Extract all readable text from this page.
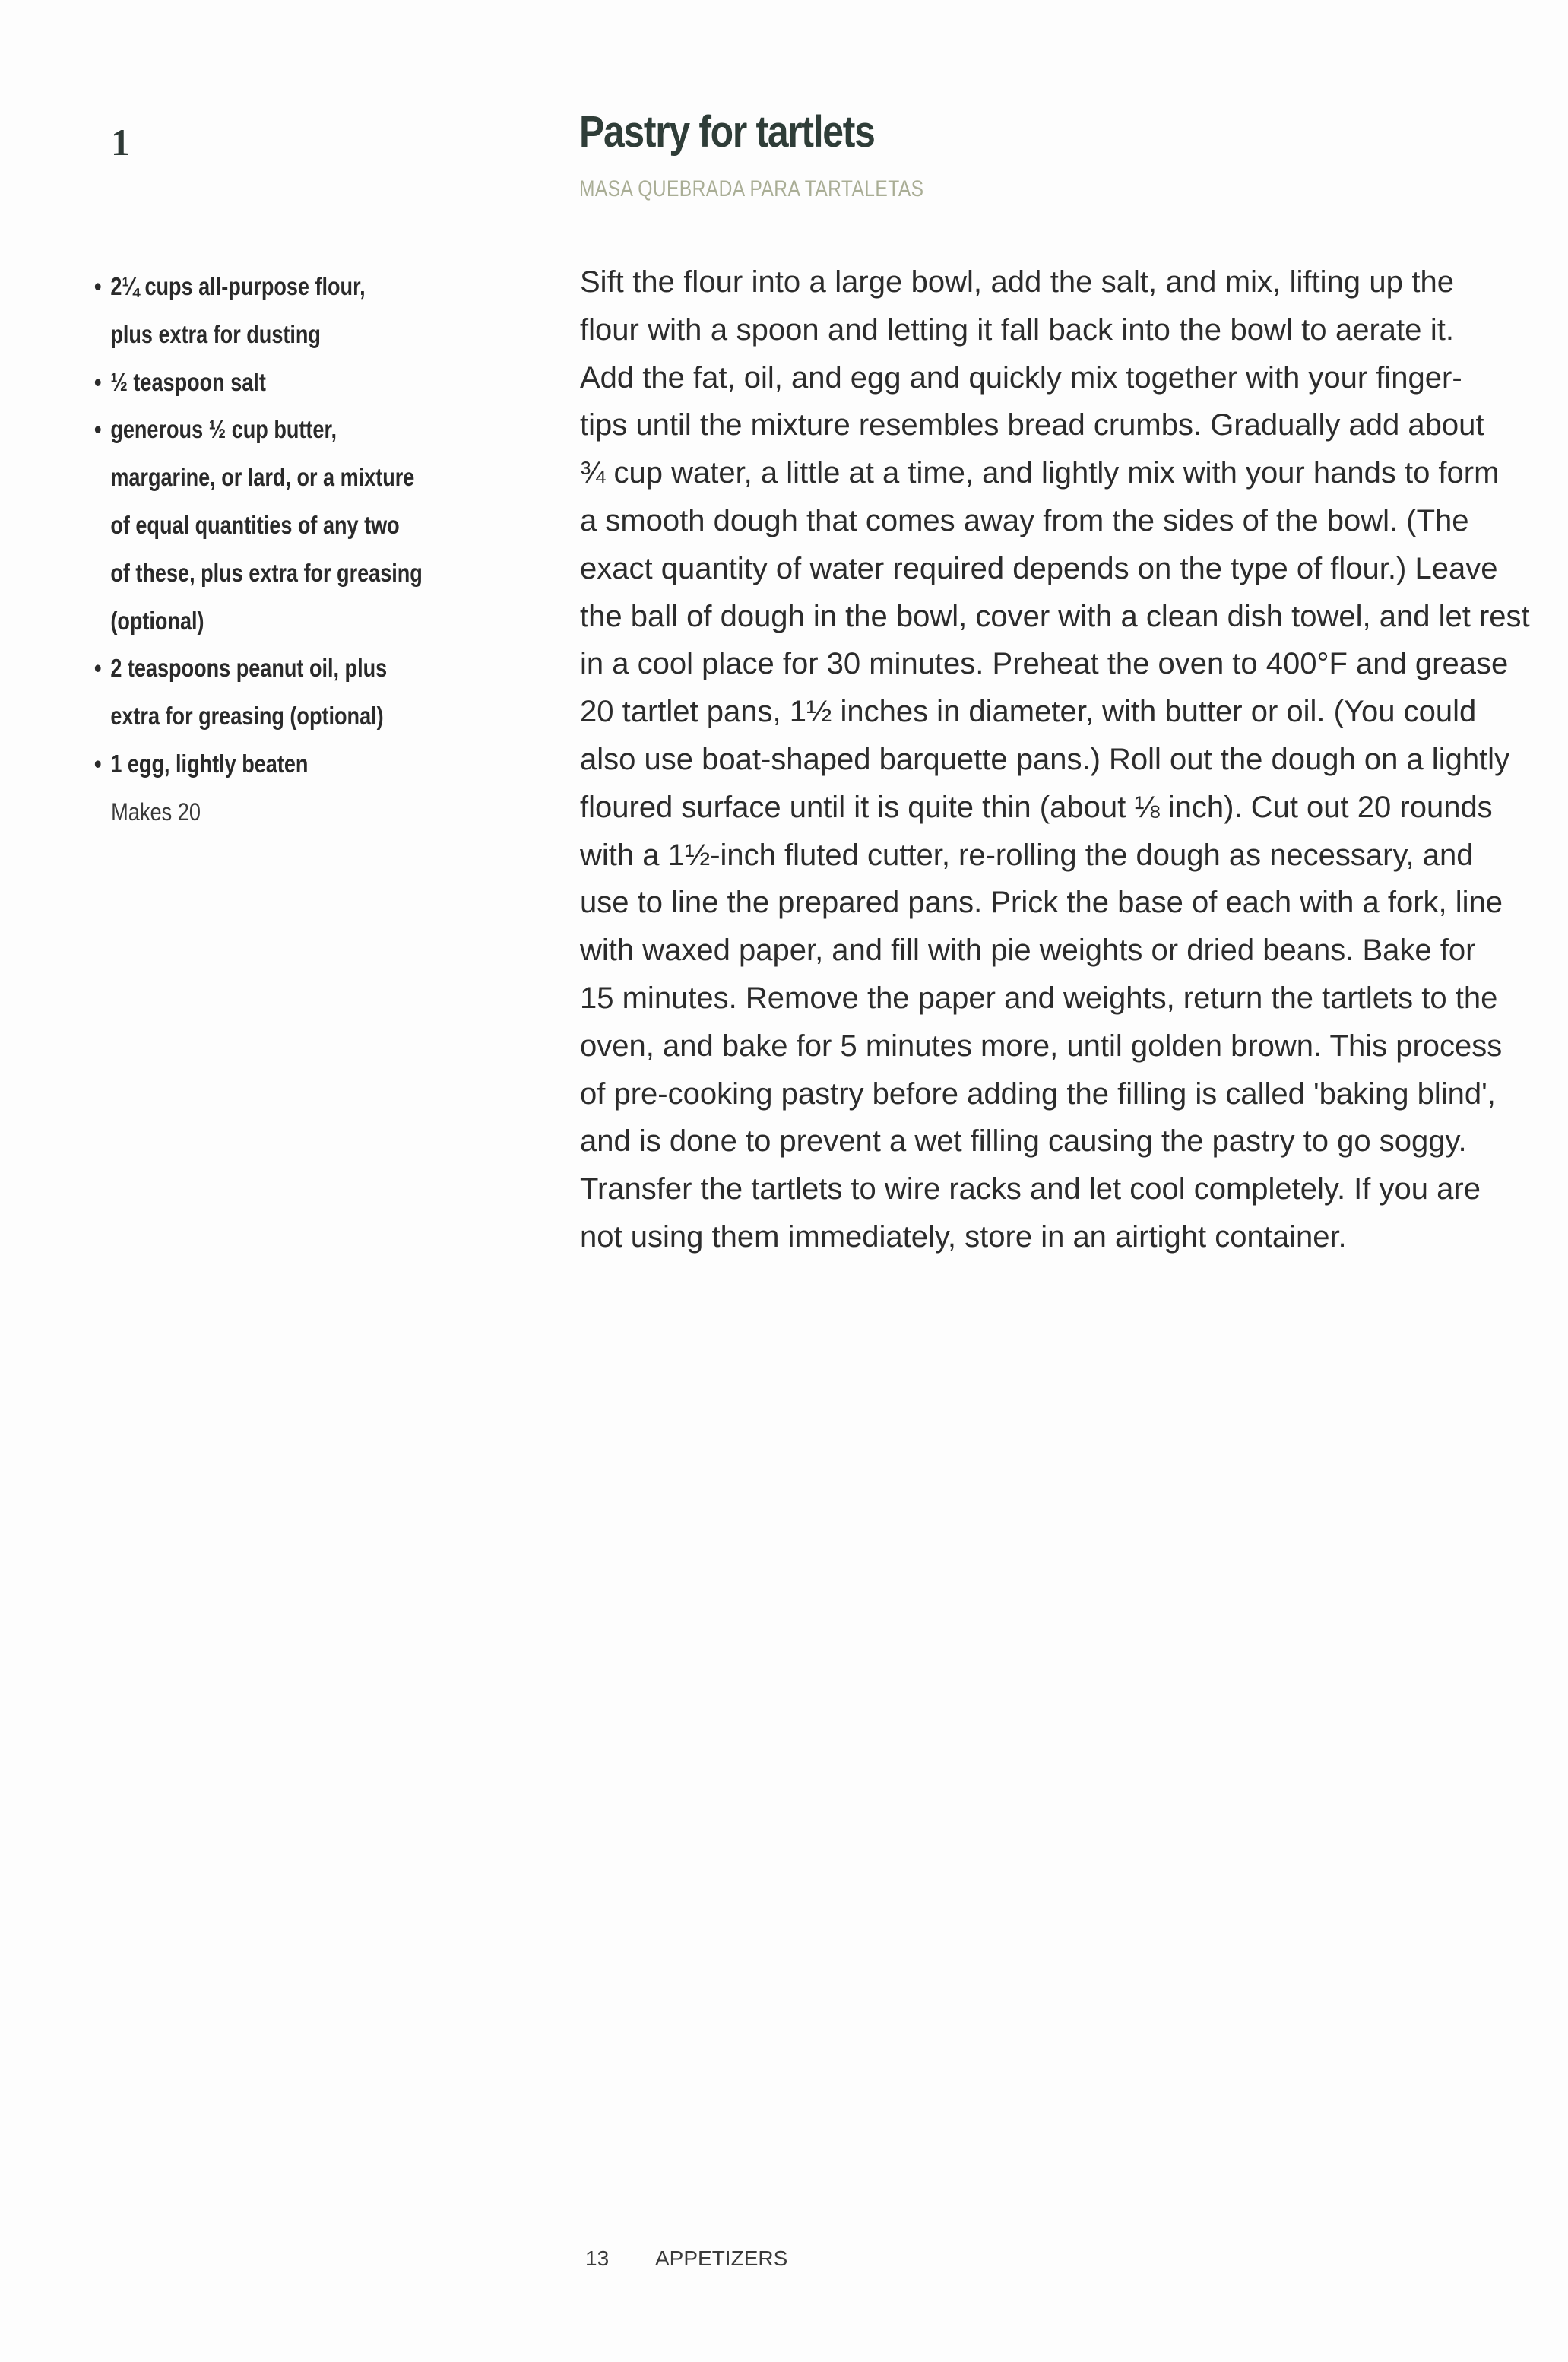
1	Pastry for tartlets
MASA QUEBRADA PARA TARTALETAS
• 2¼ cups all-purpose flour,
plus extra for dusting
• ½ teaspoon salt
• generous ½ cup butter,
margarine, or lard, or a mixture
of equal quantities of any two
of these, plus extra for greasing
(optional)
• 2 teaspoons peanut oil, plus
extra for greasing (optional)
• 1 egg, lightly beaten
Makes 20
Sift the flour into a large bowl, add the salt, and mix, lifting up the
flour with a spoon and letting it fall back into the bowl to aerate it.
Add the fat, oil, and egg and quickly mix together with your finger-
tips until the mixture resembles bread crumbs. Gradually add about
¾ cup water, a little at a time, and lightly mix with your hands to form
a smooth dough that comes away from the sides of the bowl. (The
exact quantity of water required depends on the type of flour.) Leave
the ball of dough in the bowl, cover with a clean dish towel, and let rest
in a cool place for 30 minutes. Preheat the oven to 400°F and grease
20 tartlet pans, 1½ inches in diameter, with butter or oil. (You could
also use boat-shaped barquette pans.) Roll out the dough on a lightly
floured surface until it is quite thin (about ⅛ inch). Cut out 20 rounds
with a 1½-inch fluted cutter, re-rolling the dough as necessary, and
use to line the prepared pans. Prick the base of each with a fork, line
with waxed paper, and fill with pie weights or dried beans. Bake for
15 minutes. Remove the paper and weights, return the tartlets to the
oven, and bake for 5 minutes more, until golden brown. This process
of pre-cooking pastry before adding the filling is called 'baking blind',
and is done to prevent a wet filling causing the pastry to go soggy.
Transfer the tartlets to wire racks and let cool completely. If you are
not using them immediately, store in an airtight container.
13 APPETIZERS
